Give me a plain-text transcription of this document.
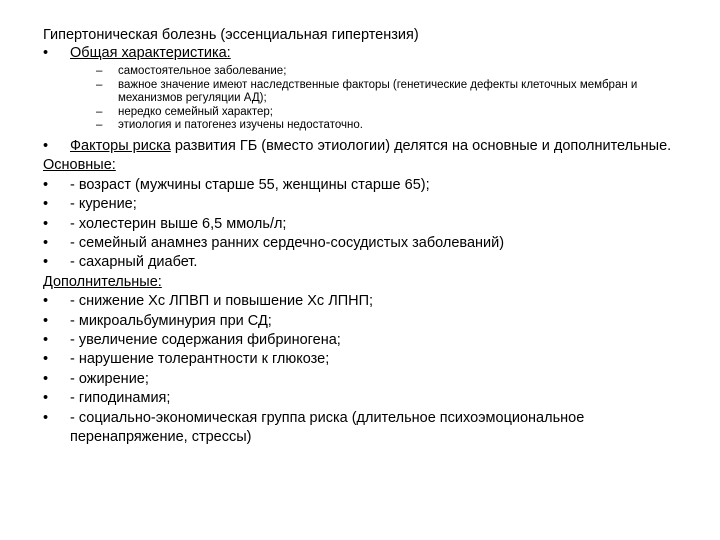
Гипертоническая болезнь (эссенциальная гипертензия)
• Общая характеристика:
– самостоятельное заболевание;
– важное значение имеют наследственные факторы (генетические дефекты клеточных мембран и механизмов регуляции АД);
– нередко семейный характер;
– этиология и патогенез изучены недостаточно.
• Факторы риска развития ГБ (вместо этиологии) делятся на основные и дополнительные.
Основные:
• - возраст (мужчины старше 55, женщины старше 65);
• - курение;
• - холестерин выше 6,5 ммоль/л;
• - семейный анамнез ранних сердечно-сосудистых заболеваний)
• - сахарный диабет.
Дополнительные:
• - снижение Хс ЛПВП и повышение Хс ЛПНП;
• - микроальбуминурия при СД;
• - увеличение содержания фибриногена;
• - нарушение толерантности к глюкозе;
• - ожирение;
• - гиподинамия;
• - социально-экономическая группа риска (длительное психоэмоциональное перенапряжение, стрессы)
